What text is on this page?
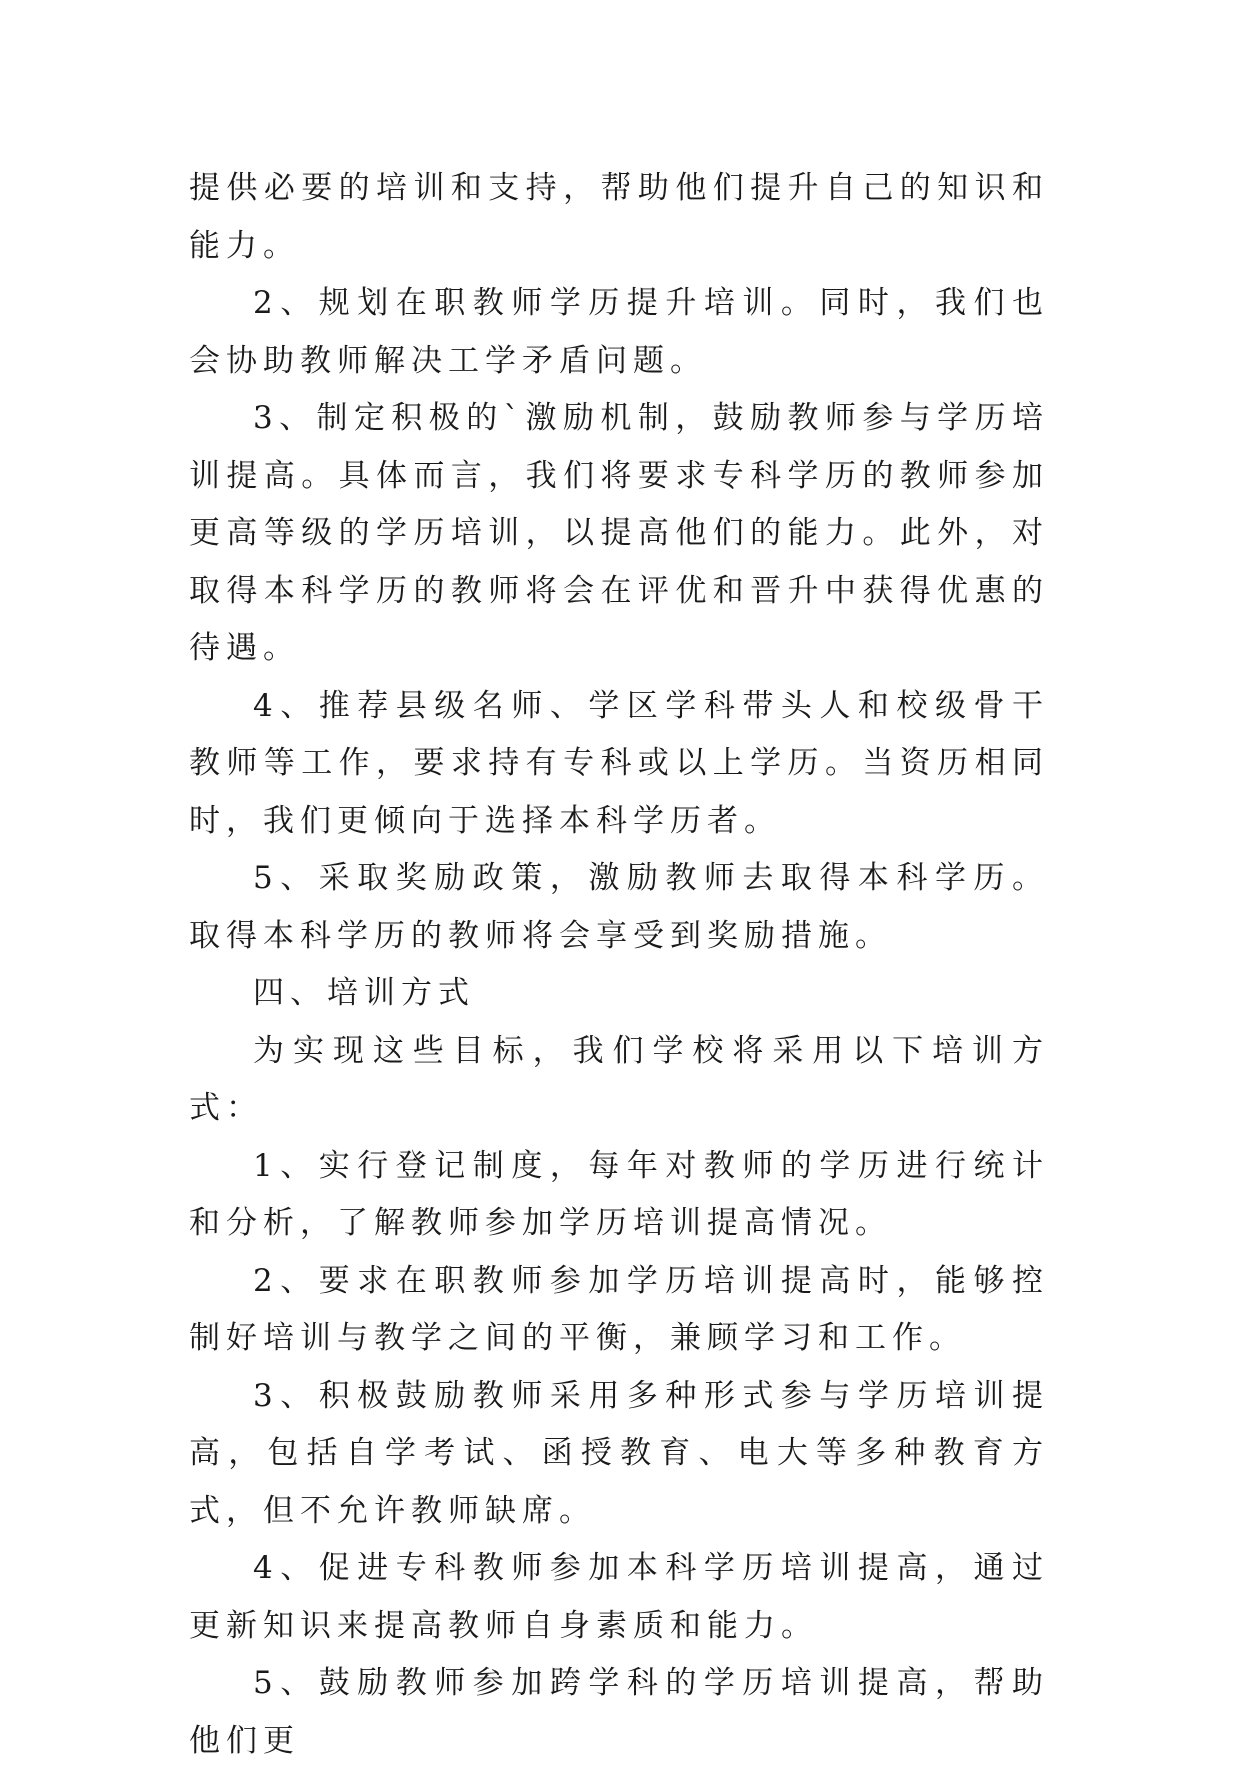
提供必要的培训和支持，帮助他们提升自己的知识和能力。

2、规划在职教师学历提升培训。同时，我们也会协助教师解决工学矛盾问题。

3、制定积极的`激励机制，鼓励教师参与学历培训提高。具体而言，我们将要求专科学历的教师参加更高等级的学历培训，以提高他们的能力。此外，对取得本科学历的教师将会在评优和晋升中获得优惠的待遇。

4、推荐县级名师、学区学科带头人和校级骨干教师等工作，要求持有专科或以上学历。当资历相同时，我们更倾向于选择本科学历者。

5、采取奖励政策，激励教师去取得本科学历。取得本科学历的教师将会享受到奖励措施。

四、培训方式

为实现这些目标，我们学校将采用以下培训方式：

1、实行登记制度，每年对教师的学历进行统计和分析，了解教师参加学历培训提高情况。

2、要求在职教师参加学历培训提高时，能够控制好培训与教学之间的平衡，兼顾学习和工作。

3、积极鼓励教师采用多种形式参与学历培训提高，包括自学考试、函授教育、电大等多种教育方式，但不允许教师缺席。

4、促进专科教师参加本科学历培训提高，通过更新知识来提高教师自身素质和能力。

5、鼓励教师参加跨学科的学历培训提高，帮助他们更
